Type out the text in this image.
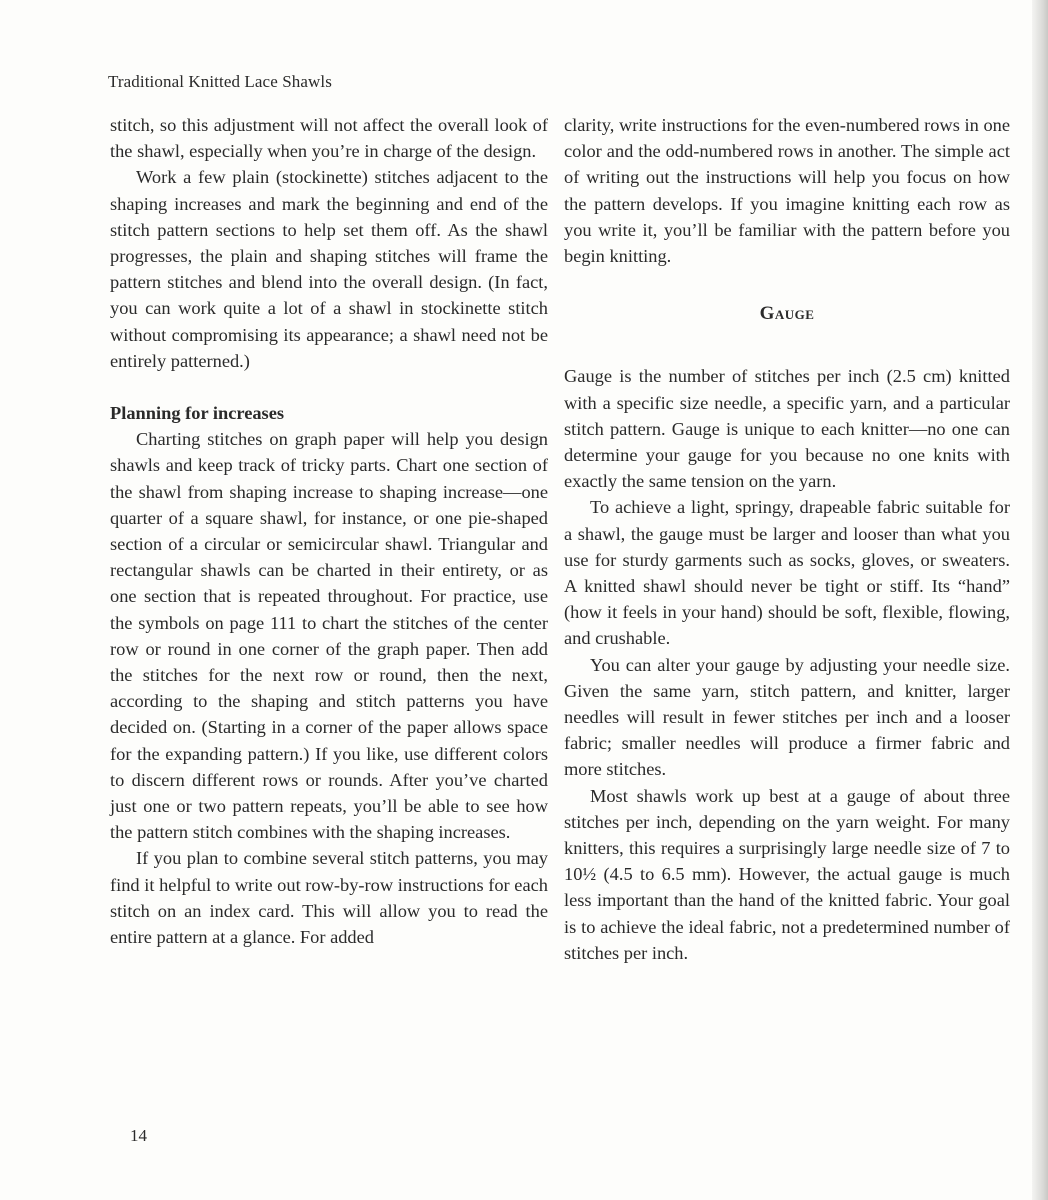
Traditional Knitted Lace Shawls

stitch, so this adjustment will not affect the overall look of the shawl, especially when you’re in charge of the design.

Work a few plain (stockinette) stitches adjacent to the shaping increases and mark the beginning and end of the stitch pattern sections to help set them off. As the shawl progresses, the plain and shaping stitches will frame the pattern stitches and blend into the overall design. (In fact, you can work quite a lot of a shawl in stockinette stitch without compromising its appearance; a shawl need not be entirely patterned.)

Planning for increases

Charting stitches on graph paper will help you design shawls and keep track of tricky parts. Chart one section of the shawl from shaping increase to shaping increase—one quarter of a square shawl, for instance, or one pie-shaped section of a circular or semicircular shawl. Triangular and rectangular shawls can be charted in their entirety, or as one section that is repeated throughout. For practice, use the symbols on page 111 to chart the stitches of the center row or round in one corner of the graph paper. Then add the stitches for the next row or round, then the next, according to the shaping and stitch patterns you have decided on. (Starting in a corner of the paper allows space for the expanding pattern.) If you like, use different colors to discern different rows or rounds. After you’ve charted just one or two pattern repeats, you’ll be able to see how the pattern stitch combines with the shaping increases.

If you plan to combine several stitch patterns, you may find it helpful to write out row-by-row instructions for each stitch on an index card. This will allow you to read the entire pattern at a glance. For added

clarity, write instructions for the even-numbered rows in one color and the odd-numbered rows in another. The simple act of writing out the instructions will help you focus on how the pattern develops. If you imagine knitting each row as you write it, you’ll be familiar with the pattern before you begin knitting.

Gauge

Gauge is the number of stitches per inch (2.5 cm) knitted with a specific size needle, a specific yarn, and a particular stitch pattern. Gauge is unique to each knitter—no one can determine your gauge for you because no one knits with exactly the same tension on the yarn.

To achieve a light, springy, drapeable fabric suitable for a shawl, the gauge must be larger and looser than what you use for sturdy garments such as socks, gloves, or sweaters. A knitted shawl should never be tight or stiff. Its “hand” (how it feels in your hand) should be soft, flexible, flowing, and crushable.

You can alter your gauge by adjusting your needle size. Given the same yarn, stitch pattern, and knitter, larger needles will result in fewer stitches per inch and a looser fabric; smaller needles will produce a firmer fabric and more stitches.

Most shawls work up best at a gauge of about three stitches per inch, depending on the yarn weight. For many knitters, this requires a surprisingly large needle size of 7 to 10½ (4.5 to 6.5 mm). However, the actual gauge is much less important than the hand of the knitted fabric. Your goal is to achieve the ideal fabric, not a predetermined number of stitches per inch.

14
